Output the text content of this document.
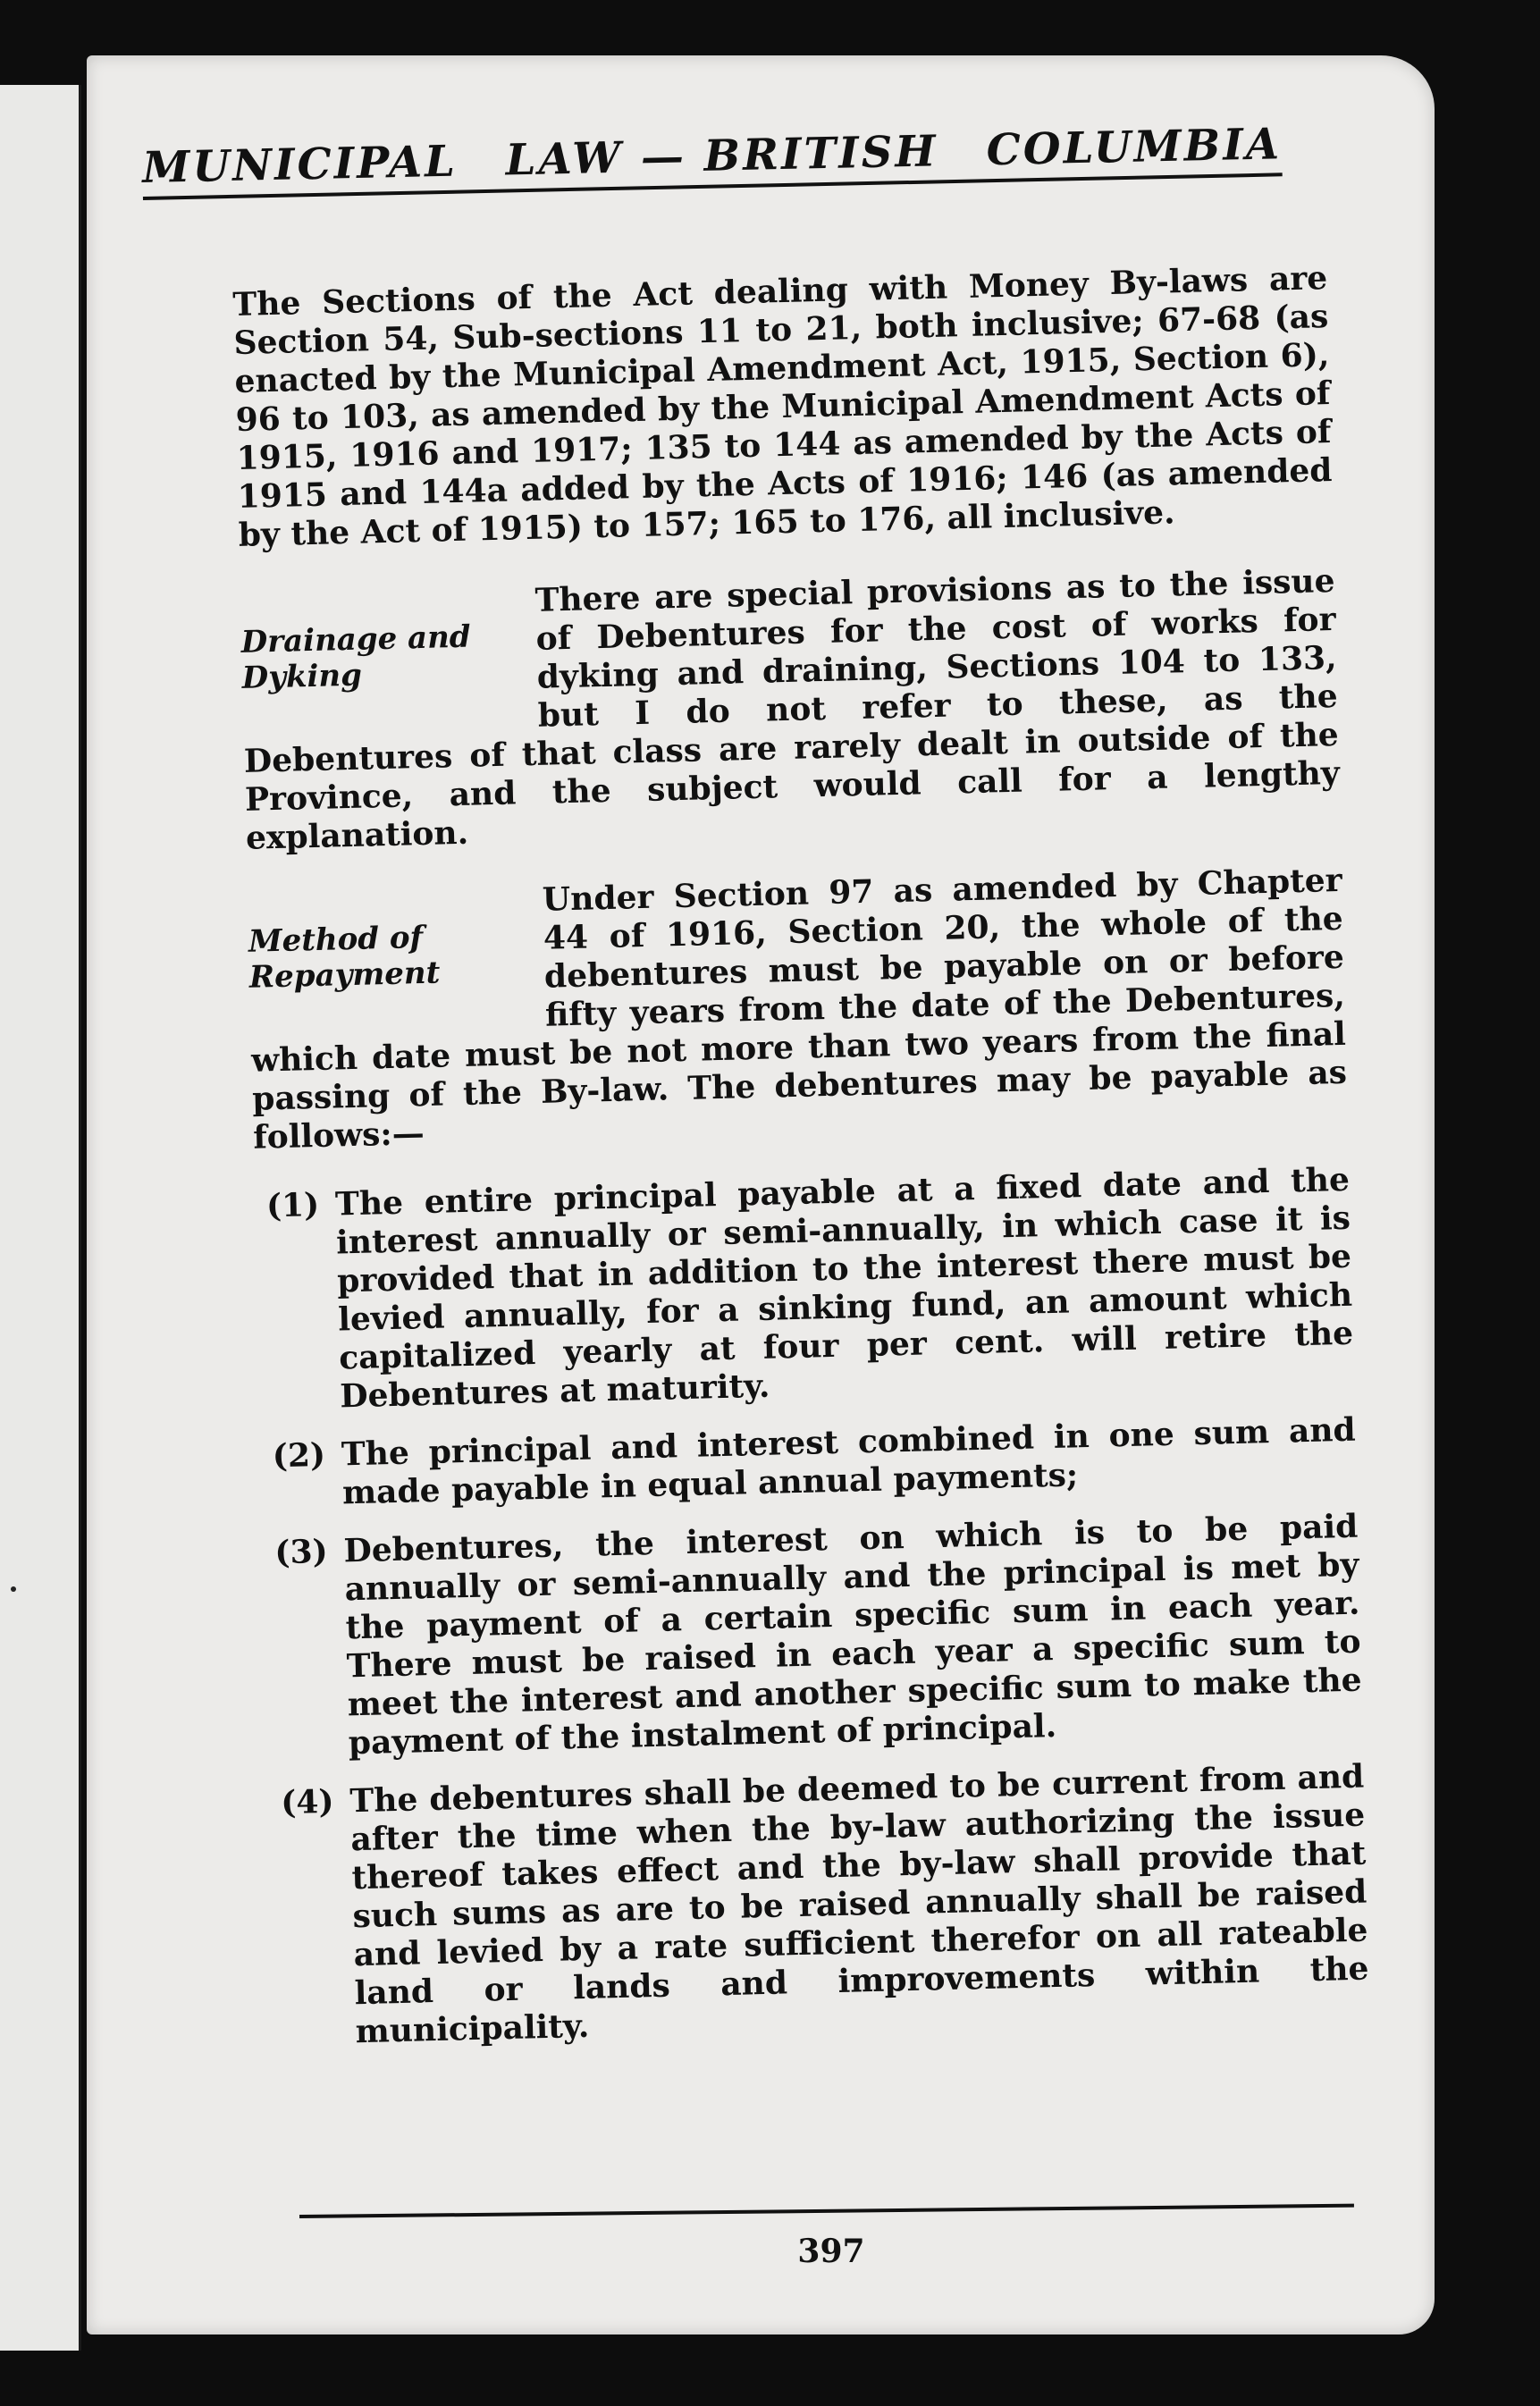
MUNICIPAL LAW — BRITISH COLUMBIA

The Sections of the Act dealing with Money By-laws are Section 54, Sub-sections 11 to 21, both inclusive; 67-68 (as enacted by the Municipal Amendment Act, 1915, Section 6), 96 to 103, as amended by the Municipal Amendment Acts of 1915, 1916 and 1917; 135 to 144 as amended by the Acts of 1915 and 144a added by the Acts of 1916; 146 (as amended by the Act of 1915) to 157; 165 to 176, all inclusive.

Drainage and
Dyking
There are special provisions as to the issue of Debentures for the cost of works for dyking and draining, Sections 104 to 133, but I do not refer to these, as the Debentures of that class are rarely dealt in outside of the Province, and the subject would call for a lengthy explanation.
Method of
Repayment
Under Section 97 as amended by Chapter 44 of 1916, Section 20, the whole of the debentures must be payable on or before fifty years from the date of the Debentures, which date must be not more than two years from the final passing of the By-law. The debentures may be payable as follows:—
(1) The entire principal payable at a fixed date and the interest annually or semi-annually, in which case it is provided that in addition to the interest there must be levied annually, for a sinking fund, an amount which capitalized yearly at four per cent. will retire the Debentures at maturity.
(2) The principal and interest combined in one sum and made payable in equal annual payments;
(3) Debentures, the interest on which is to be paid annually or semi-annually and the principal is met by the payment of a certain specific sum in each year. There must be raised in each year a specific sum to meet the interest and another specific sum to make the payment of the instalment of principal.
(4) The debentures shall be deemed to be current from and after the time when the by-law authorizing the issue thereof takes effect and the by-law shall provide that such sums as are to be raised annually shall be raised and levied by a rate sufficient therefor on all rateable land or lands and improvements within the municipality.
397
